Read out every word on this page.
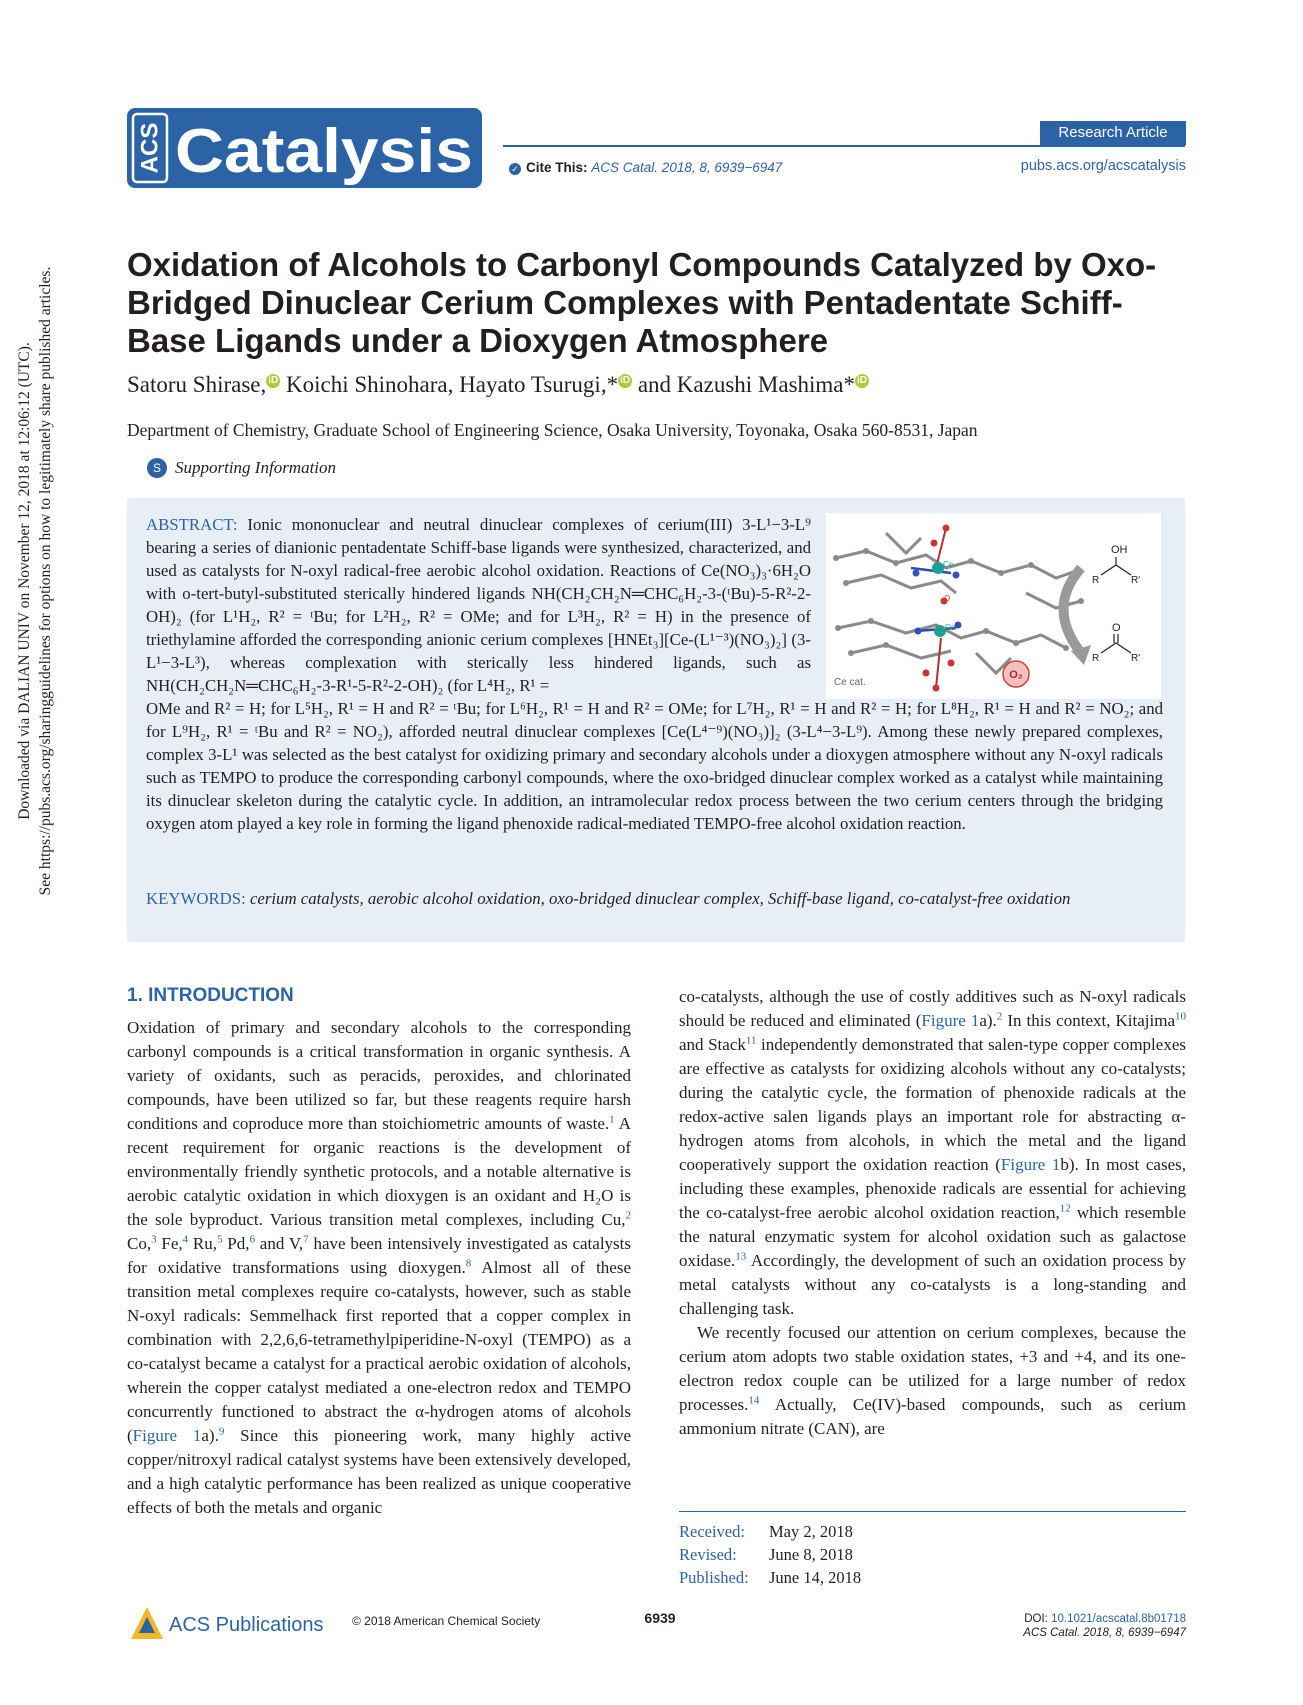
Downloaded via DALIAN UNIV on November 12, 2018 at 12:06:12 (UTC). See https://pubs.acs.org/sharingguidelines for options on how to legitimately share published articles.
ACS Catalysis	Research Article
✓ Cite This: ACS Catal. 2018, 8, 6939−6947	pubs.acs.org/acscatalysis
Oxidation of Alcohols to Carbonyl Compounds Catalyzed by Oxo-Bridged Dinuclear Cerium Complexes with Pentadentate Schiff-Base Ligands under a Dioxygen Atmosphere
Satoru Shirase, iD Koichi Shinohara, Hayato Tsurugi,* iD and Kazushi Mashima* iD
Department of Chemistry, Graduate School of Engineering Science, Osaka University, Toyonaka, Osaka 560-8531, Japan
S Supporting Information
ABSTRACT: Ionic mononuclear and neutral dinuclear complexes of cerium(III) 3-L¹−3-L⁹ bearing a series of dianionic pentadentate Schiff-base ligands were synthesized, characterized, and used as catalysts for N-oxyl radical-free aerobic alcohol oxidation. Reactions of Ce(NO₃)₃·6H₂O with o-tert-butyl-substituted sterically hindered ligands NH(CH₂CH₂N═CHC₆H₂-3-(ᵗBu)-5-R²-2-OH)₂ (for L¹H₂, R² = ᵗBu; for L²H₂, R² = OMe; and for L³H₂, R² = H) in the presence of triethylamine afforded the corresponding anionic cerium complexes [HNEt₃][Ce-(L¹⁻³)(NO₃)₂] (3-L¹−3-L³), whereas complexation with sterically less hindered ligands, such as NH(CH₂CH₂N═CHC₆H₂-3-R¹-5-R²-2-OH)₂ (for L⁴H₂, R¹ =
OMe and R² = H; for L⁵H₂, R¹ = H and R² = ᵗBu; for L⁶H₂, R¹ = H and R² = OMe; for L⁷H₂, R¹ = H and R² = H; for L⁸H₂, R¹ = H and R² = NO₂; and for L⁹H₂, R¹ = ᵗBu and R² = NO₂), afforded neutral dinuclear complexes [Ce(L⁴⁻⁹)(NO₃)]₂ (3-L⁴−3-L⁹). Among these newly prepared complexes, complex 3-L¹ was selected as the best catalyst for oxidizing primary and secondary alcohols under a dioxygen atmosphere without any N-oxyl radicals such as TEMPO to produce the corresponding carbonyl compounds, where the oxo-bridged dinuclear complex worked as a catalyst while maintaining its dinuclear skeleton during the catalytic cycle. In addition, an intramolecular redox process between the two cerium centers through the bridging oxygen atom played a key role in forming the ligand phenoxide radical-mediated TEMPO-free alcohol oxidation reaction.
Ce
Ce
O
Ce cat.
O₂
OH
R	R'
O
R	R'
KEYWORDS: cerium catalysts, aerobic alcohol oxidation, oxo-bridged dinuclear complex, Schiff-base ligand, co-catalyst-free oxidation
1. INTRODUCTION
Oxidation of primary and secondary alcohols to the corresponding carbonyl compounds is a critical transformation in organic synthesis. A variety of oxidants, such as peracids, peroxides, and chlorinated compounds, have been utilized so far, but these reagents require harsh conditions and coproduce more than stoichiometric amounts of waste.$^1$ A recent requirement for organic reactions is the development of environmentally friendly synthetic protocols, and a notable alternative is aerobic catalytic oxidation in which dioxygen is an oxidant and H₂O is the sole byproduct. Various transition metal complexes, including Cu,$^2$ Co,$^3$ Fe,$^4$ Ru,$^5$ Pd,$^6$ and V,$^7$ have been intensively investigated as catalysts for oxidative transformations using dioxygen.$^8$ Almost all of these transition metal complexes require co-catalysts, however, such as stable N-oxyl radicals: Semmelhack first reported that a copper complex in combination with 2,2,6,6-tetramethylpiperidine-N-oxyl (TEMPO) as a co-catalyst became a catalyst for a practical aerobic oxidation of alcohols, wherein the copper catalyst mediated a one-electron redox and TEMPO concurrently functioned to abstract the α-hydrogen atoms of alcohols (Figure 1a).$^9$ Since this pioneering work, many highly active copper/nitroxyl radical catalyst systems have been extensively developed, and a high catalytic performance has been realized as unique cooperative effects of both the metals and organic
co-catalysts, although the use of costly additives such as N-oxyl radicals should be reduced and eliminated (Figure 1a).$^2$ In this context, Kitajima$^{10}$ and Stack$^{11}$ independently demonstrated that salen-type copper complexes are effective as catalysts for oxidizing alcohols without any co-catalysts; during the catalytic cycle, the formation of phenoxide radicals at the redox-active salen ligands plays an important role for abstracting α-hydrogen atoms from alcohols, in which the metal and the ligand cooperatively support the oxidation reaction (Figure 1b). In most cases, including these examples, phenoxide radicals are essential for achieving the co-catalyst-free aerobic alcohol oxidation reaction,$^{12}$ which resemble the natural enzymatic system for alcohol oxidation such as galactose oxidase.$^{13}$ Accordingly, the development of such an oxidation process by metal catalysts without any co-catalysts is a long-standing and challenging task.
We recently focused our attention on cerium complexes, because the cerium atom adopts two stable oxidation states, +3 and +4, and its one-electron redox couple can be utilized for a large number of redox processes.$^{14}$ Actually, Ce(IV)-based compounds, such as cerium ammonium nitrate (CAN), are
Received: May 2, 2018
Revised: June 8, 2018
Published: June 14, 2018
ACS Publications © 2018 American Chemical Society	6939	DOI: 10.1021/acscatal.8b01718
ACS Catal. 2018, 8, 6939−6947
